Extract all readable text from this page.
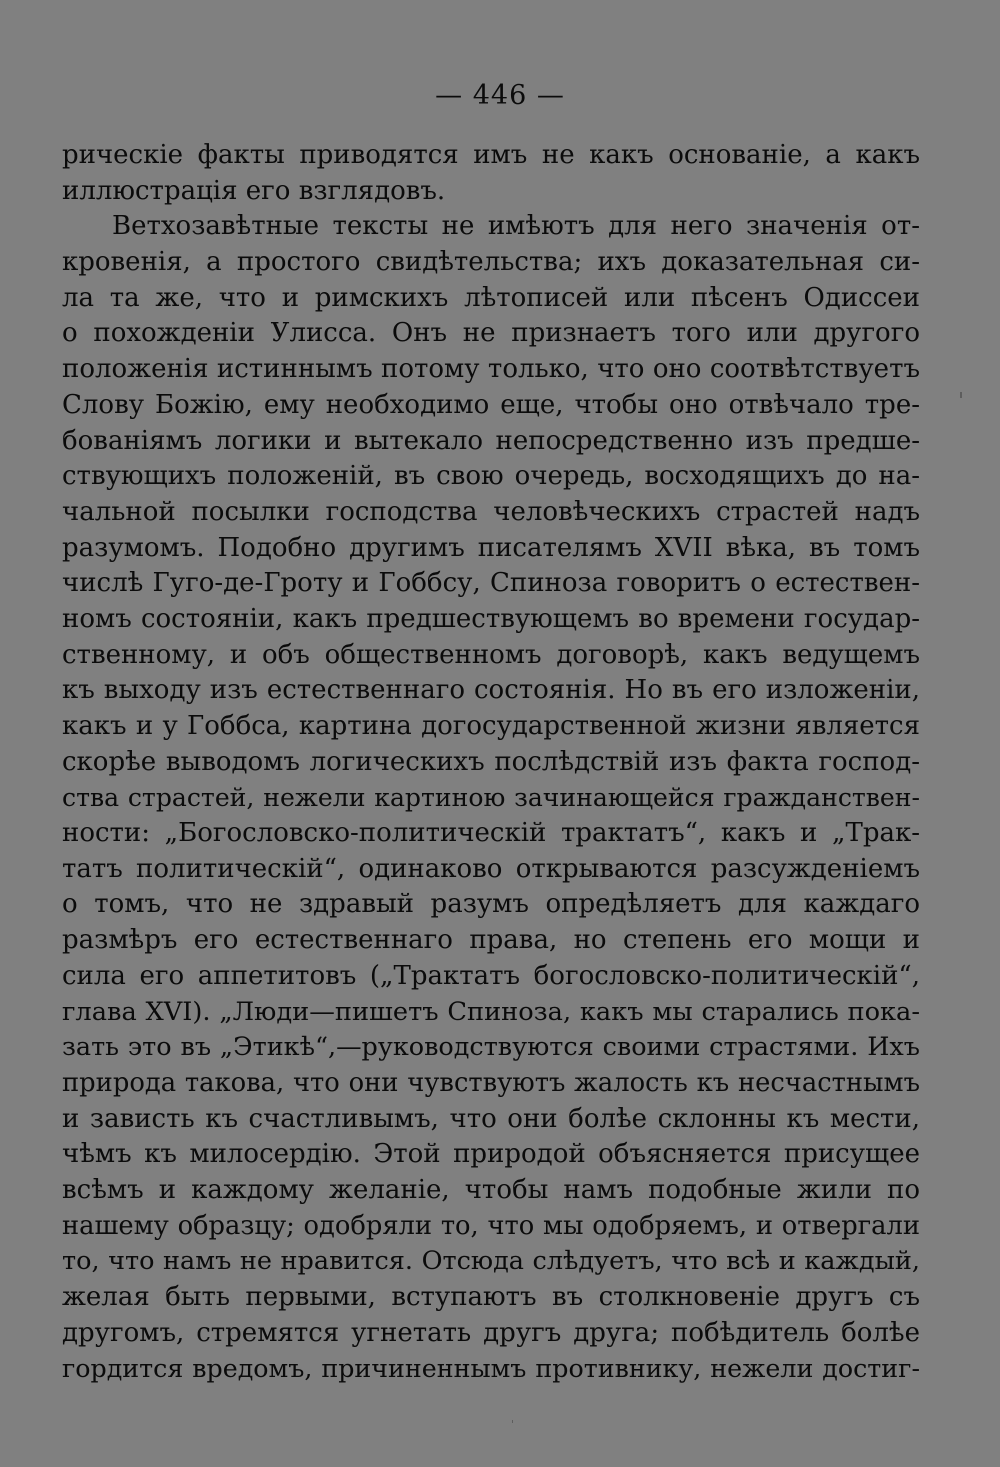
— 446 —
рическіе факты приводятся имъ не какъ основаніе, а какъ
иллюстрація его взглядовъ.
Ветхозавѣтные тексты не имѣютъ для него значенія от-
кровенія, а простого свидѣтельства; ихъ доказательная си-
ла та же, что и римскихъ лѣтописей или пѣсенъ Одиссеи
о похожденіи Улисса. Онъ не признаетъ того или другого
положенія истиннымъ потому только, что оно соотвѣтствуетъ
Слову Божію, ему необходимо еще, чтобы оно отвѣчало тре-
бованіямъ логики и вытекало непосредственно изъ предше-
ствующихъ положеній, въ свою очередь, восходящихъ до на-
чальной посылки господства человѣческихъ страстей надъ
разумомъ. Подобно другимъ писателямъ XVII вѣка, въ томъ
числѣ Гуго-де-Гроту и Гоббсу, Спиноза говоритъ о естествен-
номъ состояніи, какъ предшествующемъ во времени государ-
ственному, и объ общественномъ договорѣ, какъ ведущемъ
къ выходу изъ естественнаго состоянія. Но въ его изложеніи,
какъ и у Гоббса, картина догосударственной жизни является
скорѣе выводомъ логическихъ послѣдствій изъ факта господ-
ства страстей, нежели картиною зачинающейся гражданствен-
ности: „Богословско-политическій трактатъ“, какъ и „Трак-
татъ политическій“, одинаково открываются разсужденіемъ
о томъ, что не здравый разумъ опредѣляетъ для каждаго
размѣръ его естественнаго права, но степень его мощи и
сила его аппетитовъ („Трактатъ богословско-политическій“,
глава XVI). „Люди—пишетъ Спиноза, какъ мы старались пока-
зать это въ „Этикѣ“,—руководствуются своими страстями. Ихъ
природа такова, что они чувствуютъ жалость къ несчастнымъ
и зависть къ счастливымъ, что они болѣе склонны къ мести,
чѣмъ къ милосердію. Этой природой объясняется присущее
всѣмъ и каждому желаніе, чтобы намъ подобные жили по
нашему образцу; одобряли то, что мы одобряемъ, и отвергали
то, что намъ не нравится. Отсюда слѣдуетъ, что всѣ и каждый,
желая быть первыми, вступаютъ въ столкновеніе другъ съ
другомъ, стремятся угнетать другъ друга; побѣдитель болѣе
гордится вредомъ, причиненнымъ противнику, нежели достиг-
